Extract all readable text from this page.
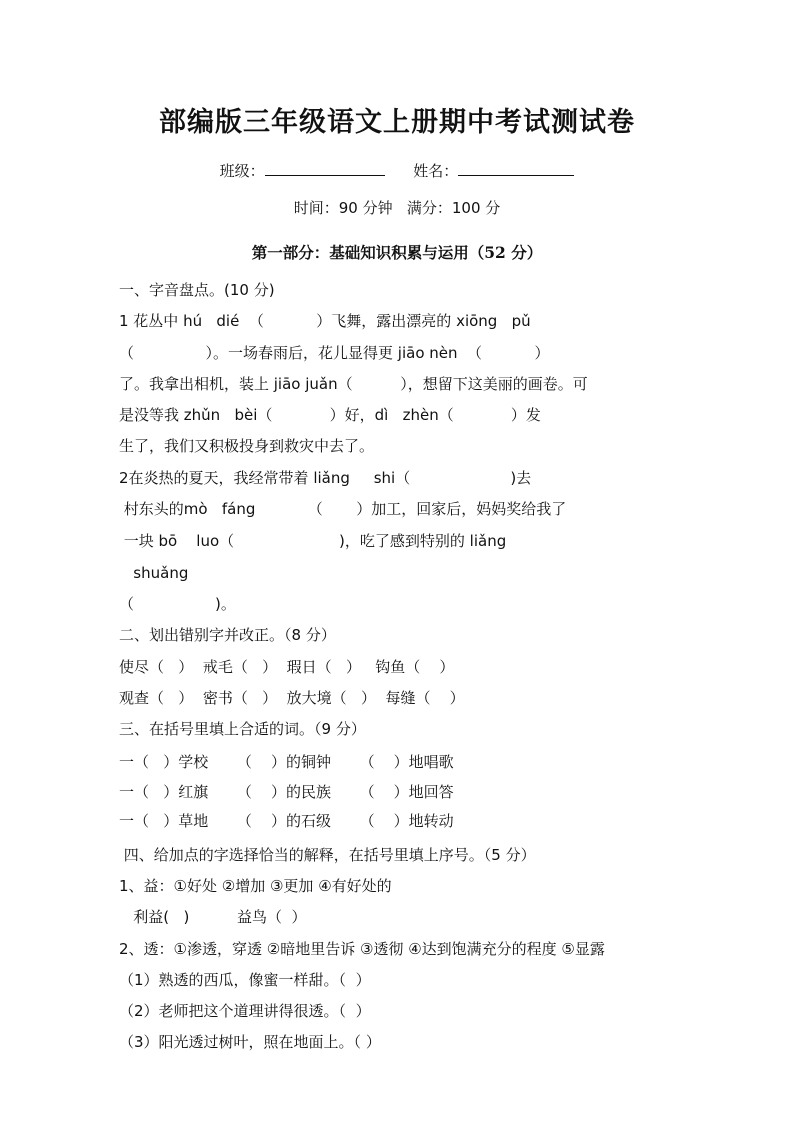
部编版三年级语文上册期中考试测试卷
班级：	姓名：
时间：90 分钟   满分：100 分
第一部分：基础知识积累与运用（52 分）
一、字音盘点。(10 分)
1 花丛中 hú   dié  （           ）飞舞，露出漂亮的 xiōng   pǔ
（               ）。一场春雨后，花儿显得更 jiāo nèn  （           ）
了。我拿出相机，装上 jiāo juǎn（          ），想留下这美丽的画卷。可
是没等我 zhǔn   bèi（            ）好，dì   zhèn（            ）发
生了，我们又积极投身到救灾中去了。
2在炎热的夏天，我经常带着 liǎng     shi（                     )去
村东头的mò   fáng           （       ）加工，回家后，妈妈奖给我了
一块 bō    luo（                      )，吃了感到特别的 liǎng
shuǎng
（                 )。
二、划出错别字并改正。（8 分）
使尽（   ）  戒毛（   ）  瑕日（   ）   钩鱼（    ）
观查（   ）  密书（   ）  放大境（   ）  每缝（    ）
三、在括号里填上合适的词。（9 分）
一（   ）学校      （    ）的铜钟      （    ）地唱歌
一（   ）红旗      （    ）的民族      （    ）地回答
一（   ）草地      （    ）的石级      （    ）地转动
四、给加点的字选择恰当的解释，在括号里填上序号。（5 分）
1、益：①好处 ②增加 ③更加 ④有好处的
利益(   )          益鸟（  ）
2、透：①渗透，穿透 ②暗地里告诉 ③透彻 ④达到饱满充分的程度 ⑤显露
（1）熟透的西瓜，像蜜一样甜。（  ）
（2）老师把这个道理讲得很透。（  ）
（3）阳光透过树叶，照在地面上。（ ）
